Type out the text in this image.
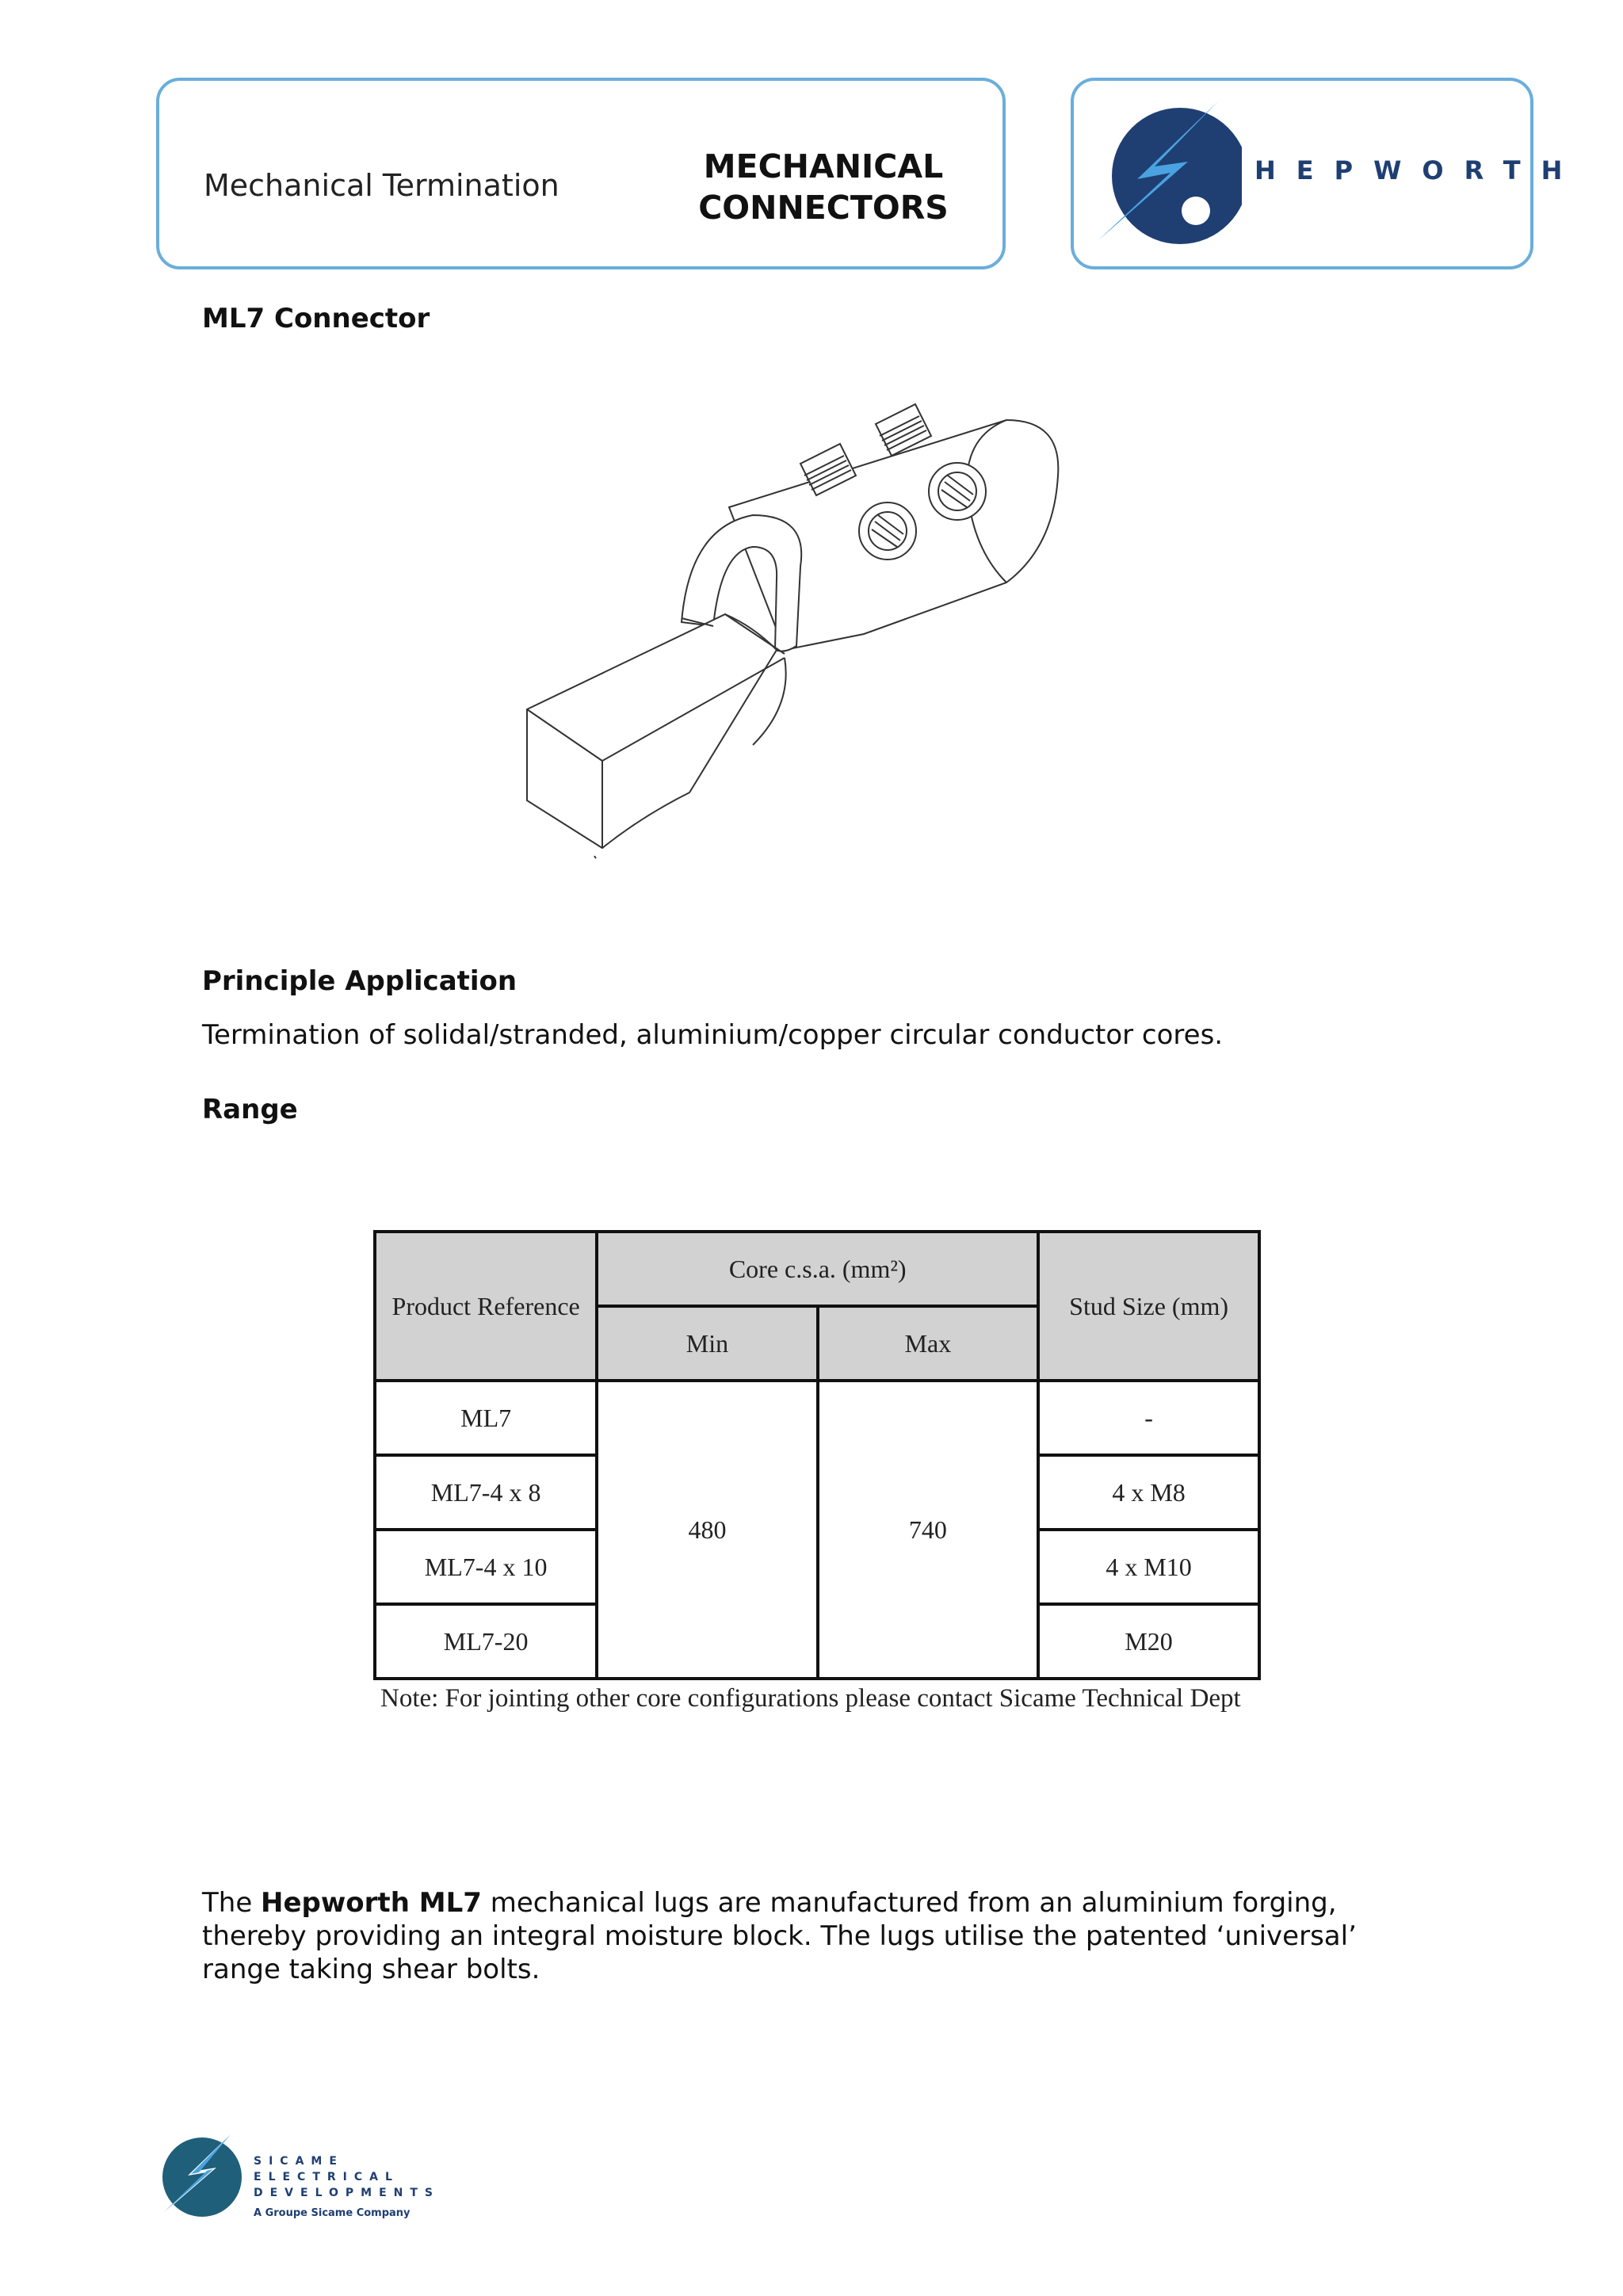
Mechanical Termination	MECHANICAL
CONNECTORS
HEPWORTH
ML7 Connector
Principle Application
Termination of solidal/stranded, aluminium/copper circular conductor cores.
Range
Product Reference	Core c.s.a. (mm²)		Stud Size (mm)
	Min	Max	
ML7	480	740	-
ML7-4 x 8			4 x M8
ML7-4 x 10			4 x M10
ML7-20			M20
Note: For jointing other core configurations please contact Sicame Technical Dept
The Hepworth ML7 mechanical lugs are manufactured from an aluminium forging, thereby providing an integral moisture block. The lugs utilise the patented ‘universal’ range taking shear bolts.
SICAME
ELECTRICAL
DEVELOPMENTS
A Groupe Sicame Company
